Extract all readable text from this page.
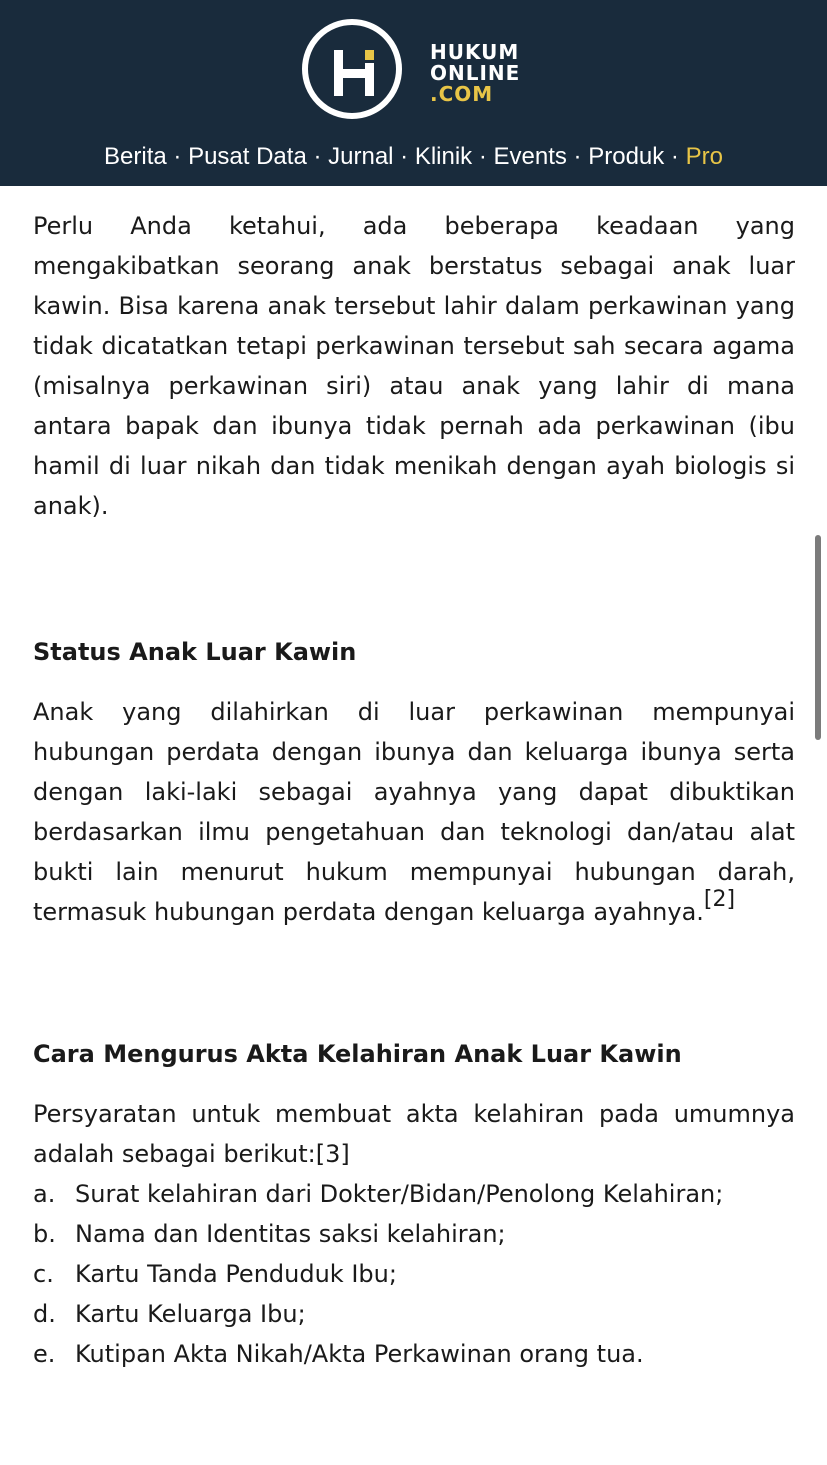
HUKUM
ONLINE
.COM
Berita · Pusat Data · Jurnal · Klinik · Events · Produk · Pro

Perlu Anda ketahui, ada beberapa keadaan yang mengakibatkan seorang anak berstatus sebagai anak luar kawin. Bisa karena anak tersebut lahir dalam perkawinan yang tidak dicatatkan tetapi perkawinan tersebut sah secara agama (misalnya perkawinan siri) atau anak yang lahir di mana antara bapak dan ibunya tidak pernah ada perkawinan (ibu hamil di luar nikah dan tidak menikah dengan ayah biologis si anak).

Status Anak Luar Kawin

Anak yang dilahirkan di luar perkawinan mempunyai hubungan perdata dengan ibunya dan keluarga ibunya serta dengan laki-laki sebagai ayahnya yang dapat dibuktikan berdasarkan ilmu pengetahuan dan teknologi dan/atau alat bukti lain menurut hukum mempunyai hubungan darah, termasuk hubungan perdata dengan keluarga ayahnya.[2]

Cara Mengurus Akta Kelahiran Anak Luar Kawin

Persyaratan untuk membuat akta kelahiran pada umumnya adalah sebagai berikut:[3]

a. Surat kelahiran dari Dokter/Bidan/Penolong Kelahiran;
b. Nama dan Identitas saksi kelahiran;
c. Kartu Tanda Penduduk Ibu;
d. Kartu Keluarga Ibu;
e. Kutipan Akta Nikah/Akta Perkawinan orang tua.
